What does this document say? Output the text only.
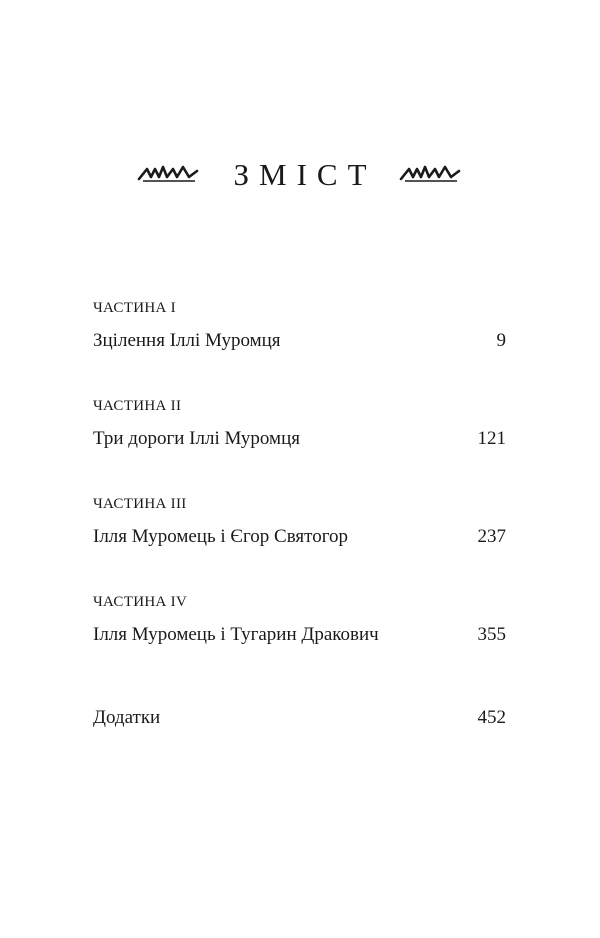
ЗМІСТ
ЧАСТИНА I
Зцілення Іллі Муромця	9
ЧАСТИНА II
Три дороги Іллі Муромця	121
ЧАСТИНА III
Ілля Муромець і Єгор Святогор	237
ЧАСТИНА IV
Ілля Муромець і Тугарин Дракович	355
Додатки	452
